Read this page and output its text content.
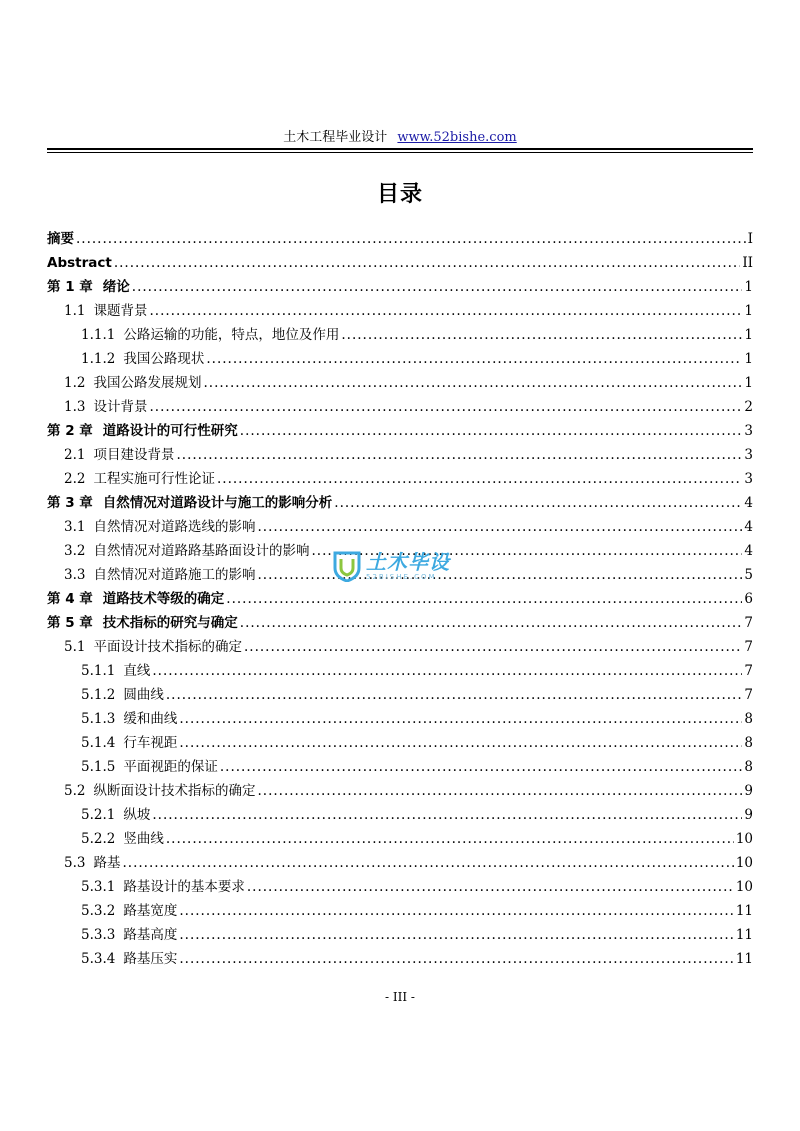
土木工程毕业设计 www.52bishe.com
目录
摘要 .....	I
Abstract .....	II
第 1 章 绪论 .....	1
1.1 课题背景 .....	1
1.1.1 公路运输的功能，特点，地位及作用 .....	1
1.1.2 我国公路现状 .....	1
1.2 我国公路发展规划 .....	1
1.3 设计背景 .....	2
第 2 章 道路设计的可行性研究 .....	3
2.1 项目建设背景 .....	3
2.2 工程实施可行性论证 .....	3
第 3 章 自然情况对道路设计与施工的影响分析 .....	4
3.1 自然情况对道路选线的影响 .....	4
3.2 自然情况对道路路基路面设计的影响 .....	4
3.3 自然情况对道路施工的影响 .....	5
第 4 章 道路技术等级的确定 .....	6
第 5 章 技术指标的研究与确定 .....	7
5.1 平面设计技术指标的确定 .....	7
5.1.1 直线 .....	7
5.1.2 圆曲线 .....	7
5.1.3 缓和曲线 .....	8
5.1.4 行车视距 .....	8
5.1.5 平面视距的保证 .....	8
5.2 纵断面设计技术指标的确定 .....	9
5.2.1 纵坡 .....	9
5.2.2 竖曲线 .....	10
5.3 路基 .....	10
5.3.1 路基设计的基本要求 .....	10
5.3.2 路基宽度 .....	11
5.3.3 路基高度 .....	11
5.3.4 路基压实 .....	11
土木毕设
52BISHE.COM
- III -
